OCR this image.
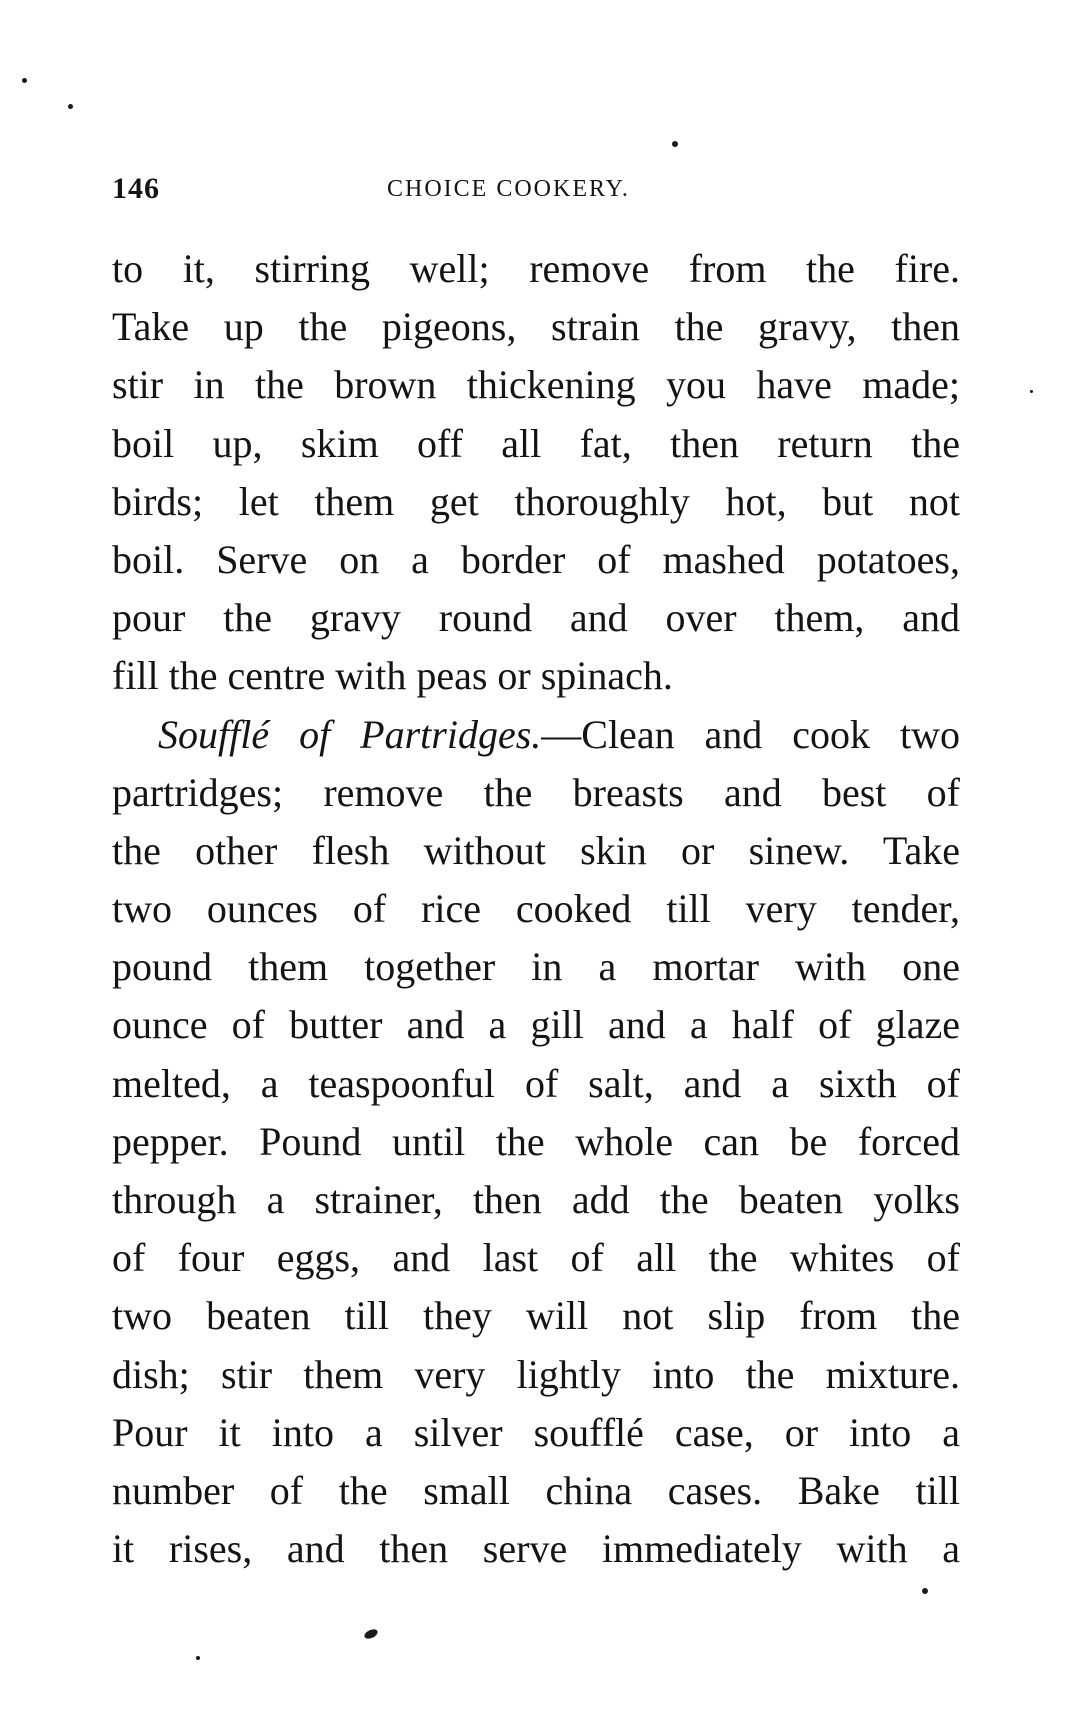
146	CHOICE COOKERY.
to it, stirring well; remove from the fire.
Take up the pigeons, strain the gravy, then
stir in the brown thickening you have made;
boil up, skim off all fat, then return the
birds; let them get thoroughly hot, but not
boil. Serve on a border of mashed potatoes,
pour the gravy round and over them, and
fill the centre with peas or spinach.
Soufflé of Partridges.—Clean and cook two
partridges; remove the breasts and best of
the other flesh without skin or sinew. Take
two ounces of rice cooked till very tender,
pound them together in a mortar with one
ounce of butter and a gill and a half of glaze
melted, a teaspoonful of salt, and a sixth of
pepper. Pound until the whole can be forced
through a strainer, then add the beaten yolks
of four eggs, and last of all the whites of
two beaten till they will not slip from the
dish; stir them very lightly into the mixture.
Pour it into a silver soufflé case, or into a
number of the small china cases. Bake till
it rises, and then serve immediately with a
